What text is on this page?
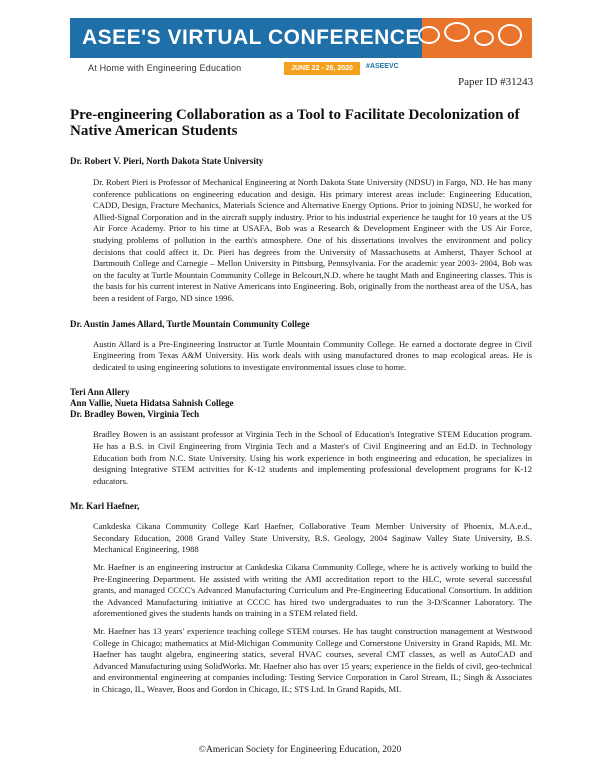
ASEE'S VIRTUAL CONFERENCE
At Home with Engineering Education	JUNE 22 - 26, 2020	#ASEEVC
Paper ID #31243
Pre-engineering Collaboration as a Tool to Facilitate Decolonization of Native American Students
Dr. Robert V. Pieri, North Dakota State University
Dr. Robert Pieri is Professor of Mechanical Engineering at North Dakota State University (NDSU) in Fargo, ND. He has many conference publications on engineering education and design. His primary interest areas include: Engineering Education, CADD, Design, Fracture Mechanics, Materials Science and Alternative Energy Options. Prior to joining NDSU, he worked for Allied-Signal Corporation and in the aircraft supply industry. Prior to his industrial experience he taught for 10 years at the US Air Force Academy. Prior to his time at USAFA, Bob was a Research & Development Engineer with the US Air Force, studying problems of pollution in the earth's atmosphere. One of his dissertations involves the environment and policy decisions that could affect it. Dr. Pieri has degrees from the University of Massachusetts at Amherst, Thayer School at Dartmouth College and Carnegie – Mellon University in Pittsburg, Pennsylvania. For the academic year 2003- 2004, Bob was on the faculty at Turtle Mountain Community College in Belcourt,N.D. where he taught Math and Engineering classes. This is the basis for his current interest in Native Americans into Engineering. Bob, originally from the northeast area of the USA, has been a resident of Fargo, ND since 1996.
Dr. Austin James Allard, Turtle Mountain Community College
Austin Allard is a Pre-Engineering Instructor at Turtle Mountain Community College. He earned a doctorate degree in Civil Engineering from Texas A&M University. His work deals with using manufactured drones to map ecological areas. He is dedicated to using engineering solutions to investigate environmental issues close to home.
Teri Ann Allery
Ann Vallie, Nueta Hidatsa Sahnish College
Dr. Bradley Bowen, Virginia Tech
Bradley Bowen is an assistant professor at Virginia Tech in the School of Education's Integrative STEM Education program. He has a B.S. in Civil Engineering from Virginia Tech and a Master's of Civil Engineering and an Ed.D. in Technology Education both from N.C. State University. Using his work experience in both engineering and education, he specializes in designing Integrative STEM activities for K-12 students and implementing professional development programs for K-12 educators.
Mr. Karl Haefner,
Cankdeska Cikana Community College Karl Haefner, Collaborative Team Member University of Phoenix, M.A.e.d., Secondary Education, 2008 Grand Valley State University, B.S. Geology, 2004 Saginaw Valley State University, B.S. Mechanical Engineering, 1988
Mr. Haefner is an engineering instructor at Cankdeska Cikana Community College, where he is actively working to build the Pre-Engineering Department. He assisted with writing the AMI accreditation report to the HLC, wrote several successful grants, and managed CCCC's Advanced Manufacturing Curriculum and Pre-Engineering Educational Consortium. In addition the Advanced Manufacturing initiative at CCCC has hired two undergraduates to run the 3-D/Scanner Laboratory. The aforementioned gives the students hands on training in a STEM related field.
Mr. Haefner has 13 years' experience teaching college STEM courses. He has taught construction management at Westwood College in Chicago; mathematics at Mid-Michigan Community College and Cornerstone University in Grand Rapids, MI. Mr. Haefner has taught algebra, engineering statics, several HVAC courses, several CMT classes, as well as AutoCAD and Advanced Manufacturing using SolidWorks. Mr. Haefner also has over 15 years; experience in the fields of civil, geo-technical and environmental engineering at companies including: Testing Service Corporation in Carol Stream, IL; Singh & Associates in Chicago, IL, Weaver, Boos and Gordon in Chicago, IL; STS Ltd. In Grand Rapids, MI.
©American Society for Engineering Education, 2020
